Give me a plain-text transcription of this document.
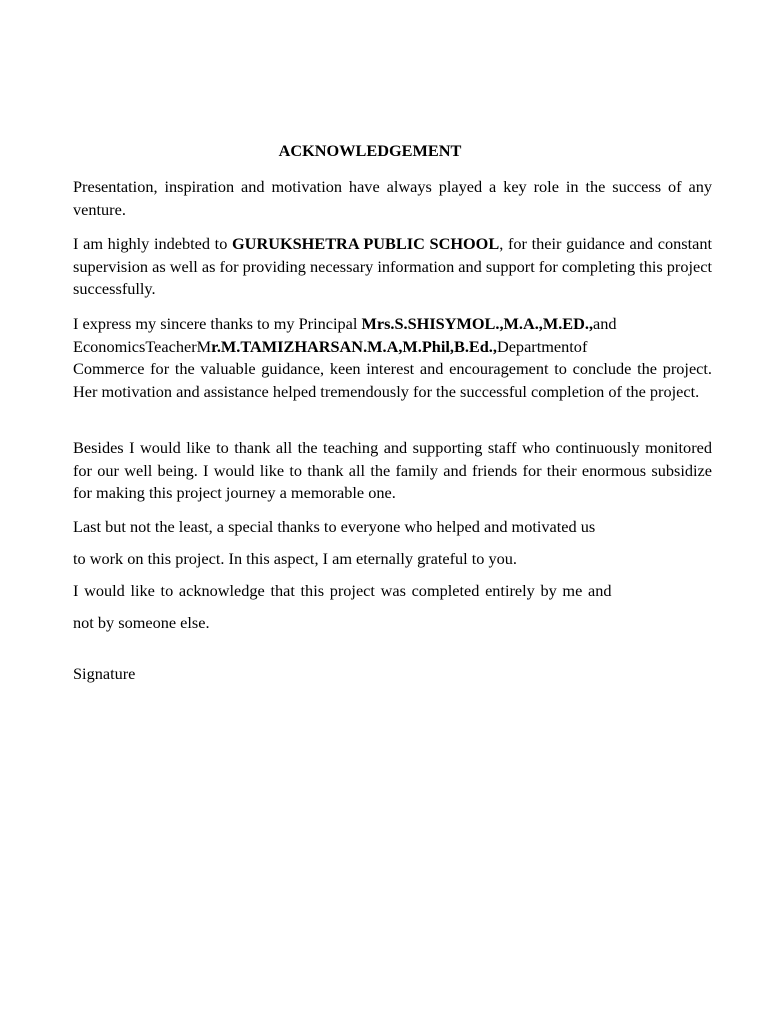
ACKNOWLEDGEMENT

Presentation, inspiration and motivation have always played a key role in the success of any venture.

I am highly indebted to GURUKSHETRA PUBLIC SCHOOL, for their guidance and constant supervision as well as for providing necessary information and support for completing this project successfully.

I express my sincere thanks to my Principal Mrs.S.SHISYMOL.,M.A.,M.ED.,and
EconomicsTeacherMr.M.TAMIZHARSAN.M.A,M.Phil,B.Ed.,Departmentof

Commerce for the valuable guidance, keen interest and encouragement to conclude the project. Her motivation and assistance helped tremendously for the successful completion of the project.

Besides I would like to thank all the teaching and supporting staff who continuously monitored for our well being. I would like to thank all the family and friends for their enormous subsidize for making this project journey a memorable one.

Last but not the least, a special thanks to everyone who helped and motivated us

to work on this project. In this aspect, I am eternally grateful to you.

I would like to acknowledge that this project was completed entirely by me and

not by someone else.

Signature
